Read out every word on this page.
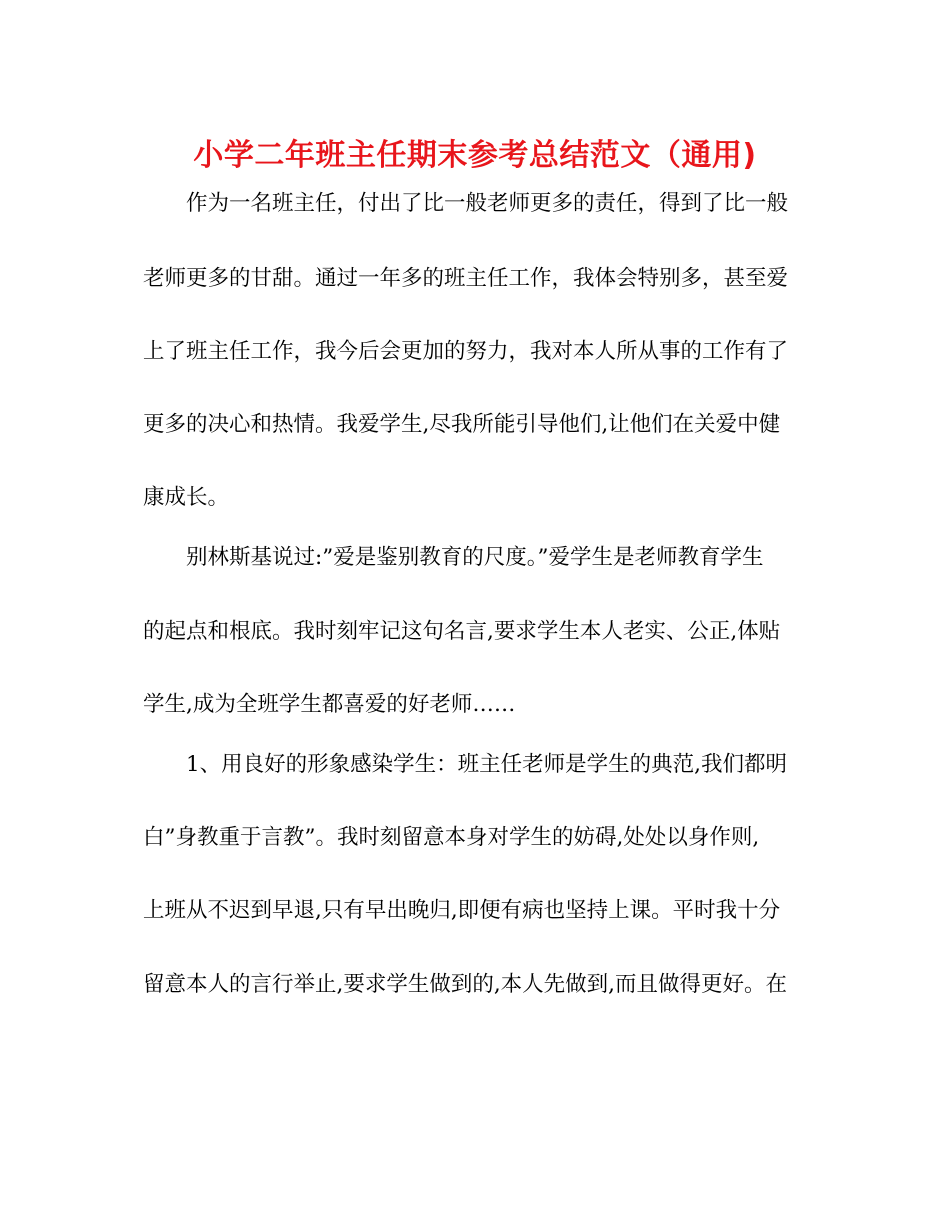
小学二年班主任期末参考总结范文（通用)

作为一名班主任，付出了比一般老师更多的责任，得到了比一般

老师更多的甘甜。通过一年多的班主任工作，我体会特别多，甚至爱

上了班主任工作，我今后会更加的努力，我对本人所从事的工作有了

更多的决心和热情。我爱学生,尽我所能引导他们,让他们在关爱中健

康成长。

别林斯基说过:”爱是鉴别教育的尺度。”爱学生是老师教育学生

的起点和根底。我时刻牢记这句名言,要求学生本人老实、公正,体贴

学生,成为全班学生都喜爱的好老师……

1、用良好的形象感染学生：班主任老师是学生的典范,我们都明

白”身教重于言教”。我时刻留意本身对学生的妨碍,处处以身作则,

上班从不迟到早退,只有早出晚归,即便有病也坚持上课。平时我十分

留意本人的言行举止,要求学生做到的,本人先做到,而且做得更好。在
